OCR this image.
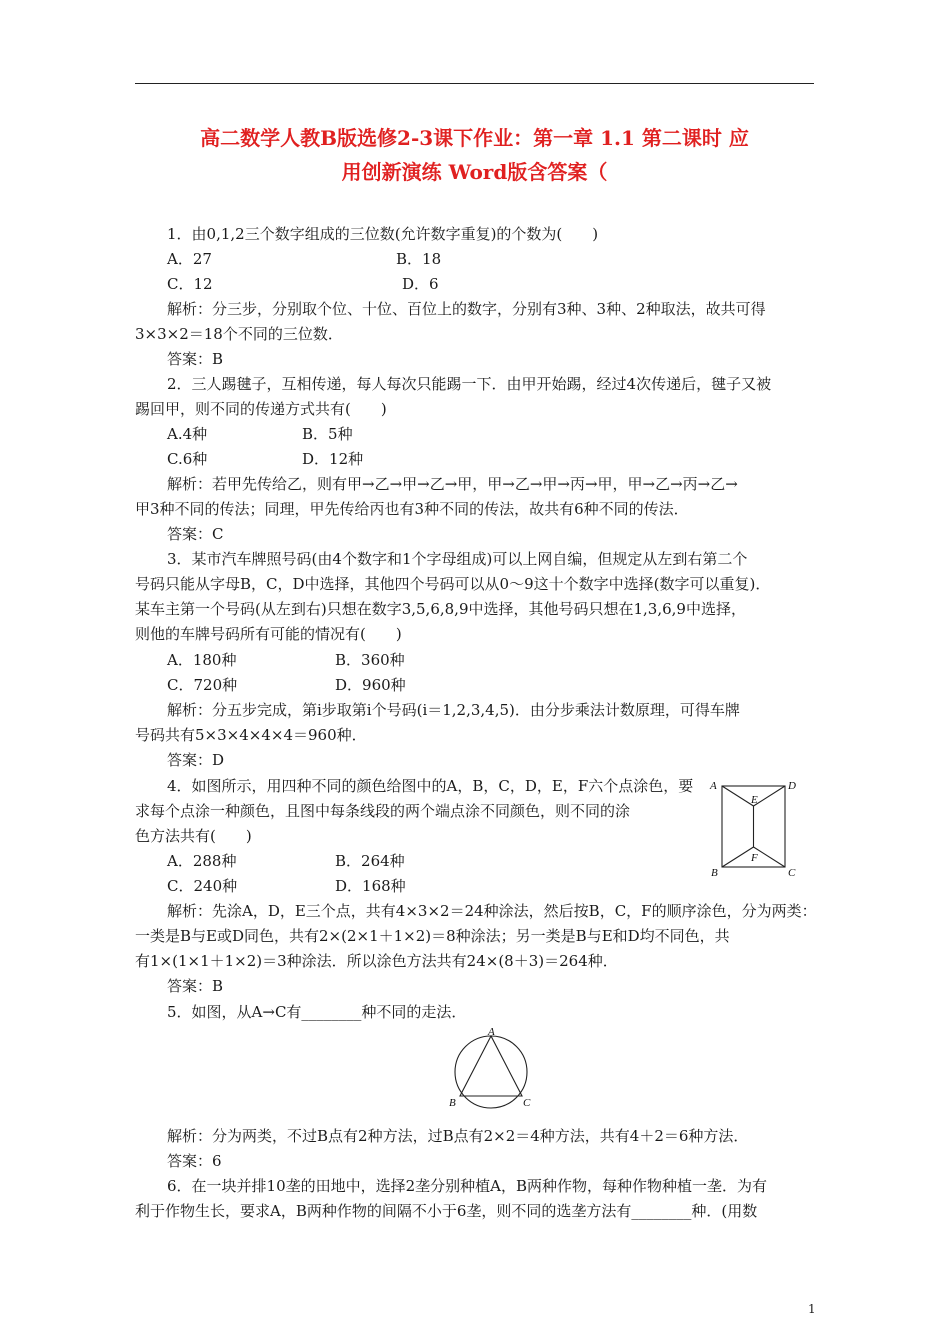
高二数学人教B版选修2-3课下作业：第一章 1.1 第二课时 应
用创新演练 Word版含答案（
1．由0,1,2三个数字组成的三位数(允许数字重复)的个数为(　　)
A．27	B．18
C．12	D．6
解析：分三步，分别取个位、十位、百位上的数字，分别有3种、3种、2种取法，故共可得
3×3×2＝18个不同的三位数．
答案：B
2．三人踢毽子，互相传递，每人每次只能踢一下．由甲开始踢，经过4次传递后，毽子又被
踢回甲，则不同的传递方式共有(　　)
A.4种	B．5种
C.6种	D．12种
解析：若甲先传给乙，则有甲→乙→甲→乙→甲，甲→乙→甲→丙→甲，甲→乙→丙→乙→
甲3种不同的传法；同理，甲先传给丙也有3种不同的传法，故共有6种不同的传法．
答案：C
3．某市汽车牌照号码(由4个数字和1个字母组成)可以上网自编，但规定从左到右第二个
号码只能从字母B，C，D中选择，其他四个号码可以从0～9这十个数字中选择(数字可以重复)．
某车主第一个号码(从左到右)只想在数字3,5,6,8,9中选择，其他号码只想在1,3,6,9中选择，
则他的车牌号码所有可能的情况有(　　)
A．180种	B．360种
C．720种	D．960种
解析：分五步完成，第i步取第i个号码(i＝1,2,3,4,5)．由分步乘法计数原理，可得车牌
号码共有5×3×4×4×4＝960种．
答案：D
4．如图所示，用四种不同的颜色给图中的A，B，C，D，E，F六个点涂色，要
求每个点涂一种颜色，且图中每条线段的两个端点涂不同颜色，则不同的涂
色方法共有(　　)
A．288种	B．264种
C．240种	D．168种
解析：先涂A，D，E三个点，共有4×3×2＝24种涂法，然后按B，C，F的顺序涂色，分为两类：
一类是B与E或D同色，共有2×(2×1＋1×2)＝8种涂法；另一类是B与E和D均不同色，共
有1×(1×1＋1×2)＝3种涂法．所以涂色方法共有24×(8＋3)＝264种．
答案：B
5．如图，从A→C有________种不同的走法．
解析：分为两类，不过B点有2种方法，过B点有2×2＝4种方法，共有4＋2＝6种方法．
答案：6
6．在一块并排10垄的田地中，选择2垄分别种植A，B两种作物，每种作物种植一垄．为有
利于作物生长，要求A，B两种作物的间隔不小于6垄，则不同的选垄方法有________种．(用数
A	D
E
F
B	C
A
B	C
1
